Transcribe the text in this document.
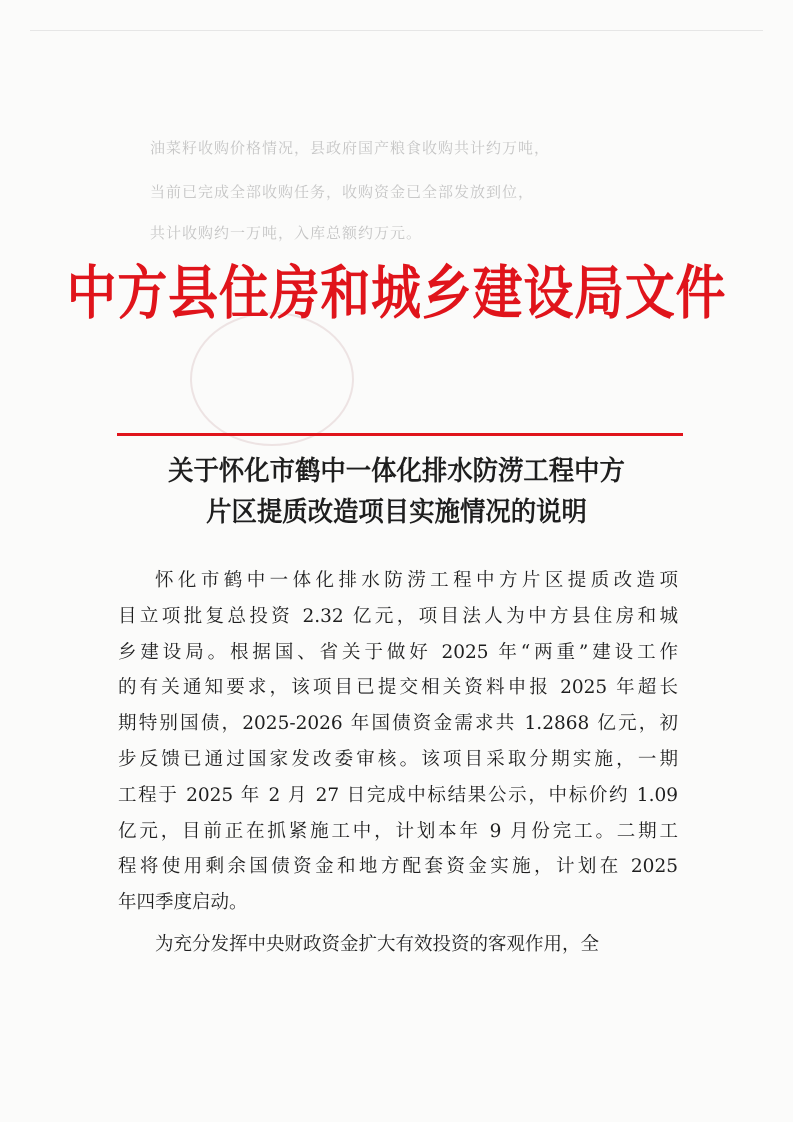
油菜籽收购价格情况，县政府国产粮食收购共计约万吨，
当前已完成全部收购任务，收购资金已全部发放到位，
共计收购约一万吨，入库总额约万元。
中方县住房和城乡建设局文件
关于怀化市鹤中一体化排水防涝工程中方
片区提质改造项目实施情况的说明
怀化市鹤中一体化排水防涝工程中方片区提质改造项
目立项批复总投资 2.32 亿元，项目法人为中方县住房和城
乡建设局。根据国、省关于做好 2025 年“两重”建设工作
的有关通知要求，该项目已提交相关资料申报 2025 年超长
期特别国债，2025-2026 年国债资金需求共 1.2868 亿元，初
步反馈已通过国家发改委审核。该项目采取分期实施，一期
工程于 2025 年 2 月 27 日完成中标结果公示，中标价约 1.09
亿元，目前正在抓紧施工中，计划本年 9 月份完工。二期工
程将使用剩余国债资金和地方配套资金实施，计划在 2025
年四季度启动。
为充分发挥中央财政资金扩大有效投资的客观作用，全
